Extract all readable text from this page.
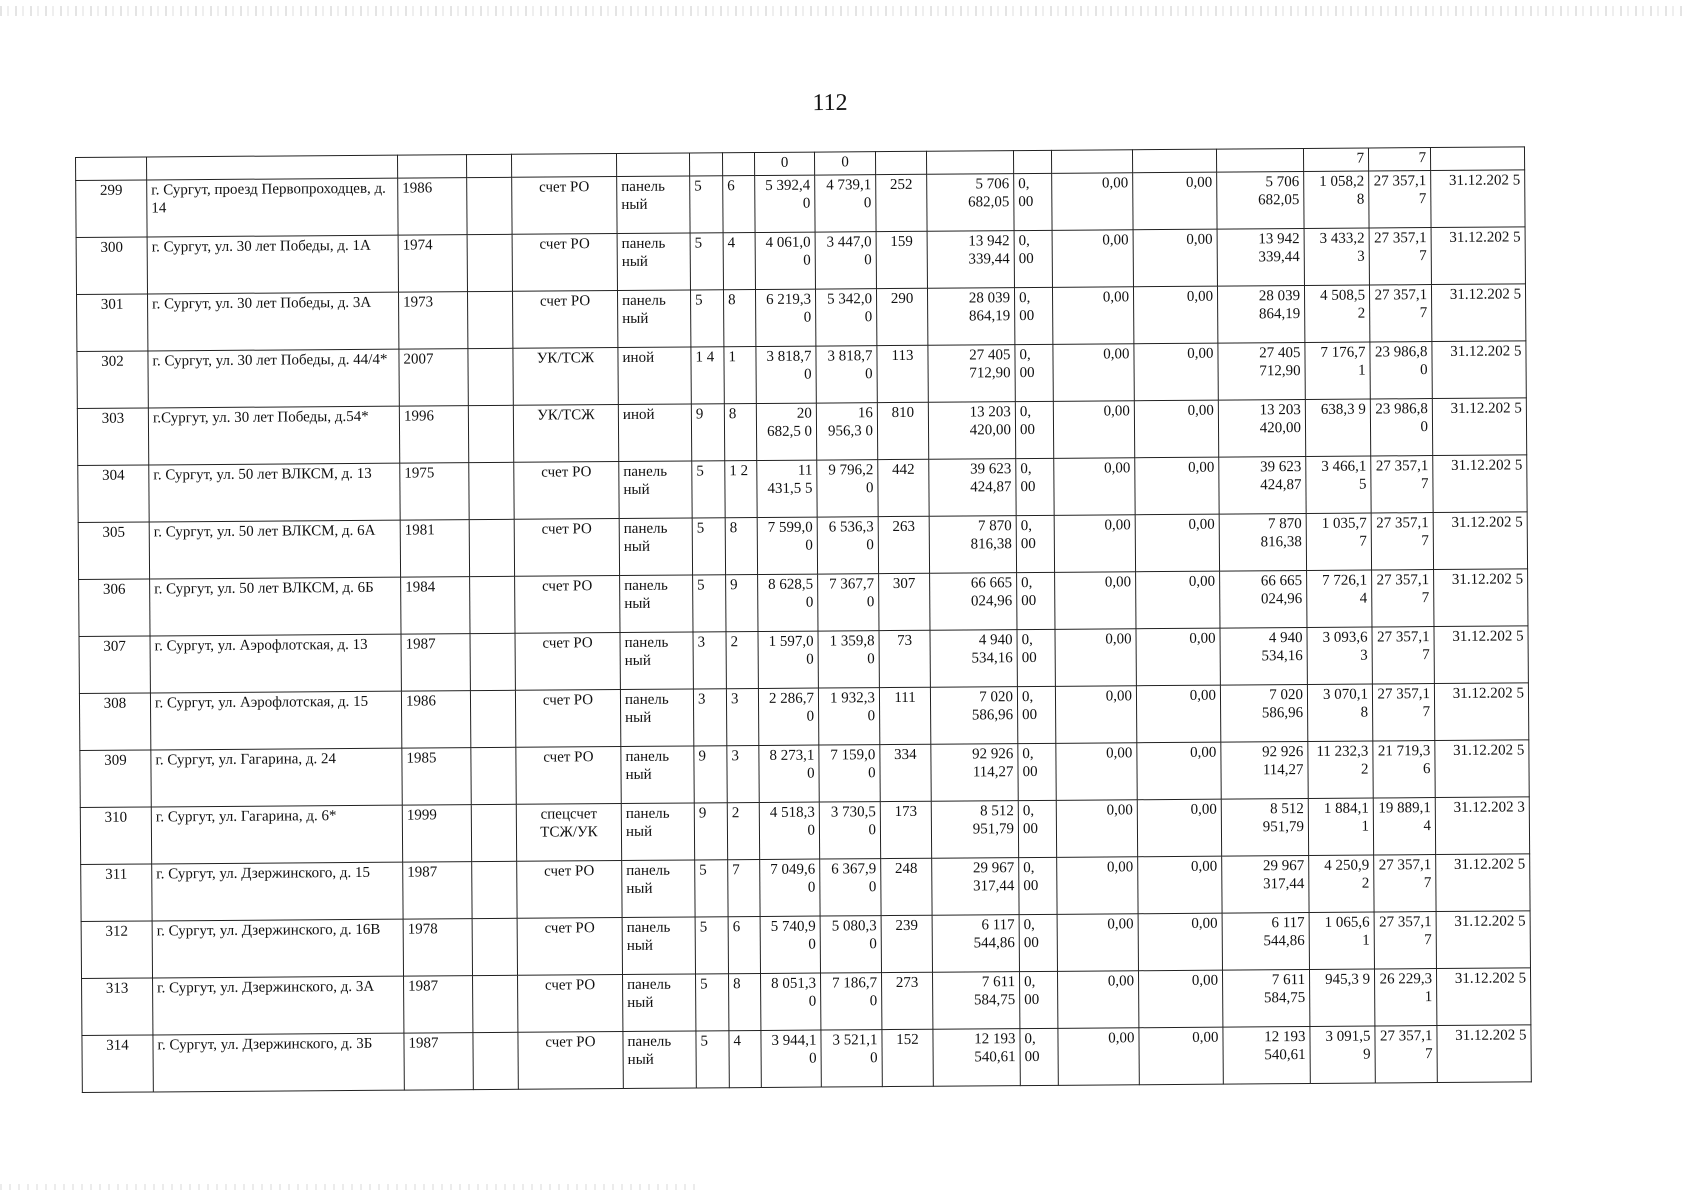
112
								0	0							7	7	
299	г. Сургут, проезд Первопроходцев, д. 14	1986		счет РО	панель ный	5	6	5 392,4 0	4 739,1 0	252	5 706 682,05	0, 00	0,00	0,00	5 706 682,05	1 058,2 8	27 357,1 7	31.12.202 5
300	г. Сургут, ул. 30 лет Победы, д. 1А	1974		счет РО	панель ный	5	4	4 061,0 0	3 447,0 0	159	13 942 339,44	0, 00	0,00	0,00	13 942 339,44	3 433,2 3	27 357,1 7	31.12.202 5
301	г. Сургут, ул. 30 лет Победы, д. 3А	1973		счет РО	панель ный	5	8	6 219,3 0	5 342,0 0	290	28 039 864,19	0, 00	0,00	0,00	28 039 864,19	4 508,5 2	27 357,1 7	31.12.202 5
302	г. Сургут, ул. 30 лет Победы, д. 44/4*	2007		УК/ТСЖ	иной	1 4	1	3 818,7 0	3 818,7 0	113	27 405 712,90	0, 00	0,00	0,00	27 405 712,90	7 176,7 1	23 986,8 0	31.12.202 5
303	г.Сургут, ул. 30 лет Победы, д.54*	1996		УК/ТСЖ	иной	9	8	20 682,5 0	16 956,3 0	810	13 203 420,00	0, 00	0,00	0,00	13 203 420,00	638,3 9	23 986,8 0	31.12.202 5
304	г. Сургут, ул. 50 лет ВЛКСМ, д. 13	1975		счет РО	панель ный	5	1 2	11 431,5 5	9 796,2 0	442	39 623 424,87	0, 00	0,00	0,00	39 623 424,87	3 466,1 5	27 357,1 7	31.12.202 5
305	г. Сургут, ул. 50 лет ВЛКСМ, д. 6А	1981		счет РО	панель ный	5	8	7 599,0 0	6 536,3 0	263	7 870 816,38	0, 00	0,00	0,00	7 870 816,38	1 035,7 7	27 357,1 7	31.12.202 5
306	г. Сургут, ул. 50 лет ВЛКСМ, д. 6Б	1984		счет РО	панель ный	5	9	8 628,5 0	7 367,7 0	307	66 665 024,96	0, 00	0,00	0,00	66 665 024,96	7 726,1 4	27 357,1 7	31.12.202 5
307	г. Сургут, ул. Аэрофлотская, д. 13	1987		счет РО	панель ный	3	2	1 597,0 0	1 359,8 0	73	4 940 534,16	0, 00	0,00	0,00	4 940 534,16	3 093,6 3	27 357,1 7	31.12.202 5
308	г. Сургут, ул. Аэрофлотская, д. 15	1986		счет РО	панель ный	3	3	2 286,7 0	1 932,3 0	111	7 020 586,96	0, 00	0,00	0,00	7 020 586,96	3 070,1 8	27 357,1 7	31.12.202 5
309	г. Сургут, ул. Гагарина, д. 24	1985		счет РО	панель ный	9	3	8 273,1 0	7 159,0 0	334	92 926 114,27	0, 00	0,00	0,00	92 926 114,27	11 232,3 2	21 719,3 6	31.12.202 5
310	г. Сургут, ул. Гагарина, д. 6*	1999		спецсчет ТСЖ/УК	панель ный	9	2	4 518,3 0	3 730,5 0	173	8 512 951,79	0, 00	0,00	0,00	8 512 951,79	1 884,1 1	19 889,1 4	31.12.202 3
311	г. Сургут, ул. Дзержинского, д. 15	1987		счет РО	панель ный	5	7	7 049,6 0	6 367,9 0	248	29 967 317,44	0, 00	0,00	0,00	29 967 317,44	4 250,9 2	27 357,1 7	31.12.202 5
312	г. Сургут, ул. Дзержинского, д. 16В	1978		счет РО	панель ный	5	6	5 740,9 0	5 080,3 0	239	6 117 544,86	0, 00	0,00	0,00	6 117 544,86	1 065,6 1	27 357,1 7	31.12.202 5
313	г. Сургут, ул. Дзержинского, д. 3А	1987		счет РО	панель ный	5	8	8 051,3 0	7 186,7 0	273	7 611 584,75	0, 00	0,00	0,00	7 611 584,75	945,3 9	26 229,3 1	31.12.202 5
314	г. Сургут, ул. Дзержинского, д. 3Б	1987		счет РО	панель ный	5	4	3 944,1 0	3 521,1 0	152	12 193 540,61	0, 00	0,00	0,00	12 193 540,61	3 091,5 9	27 357,1 7	31.12.202 5
